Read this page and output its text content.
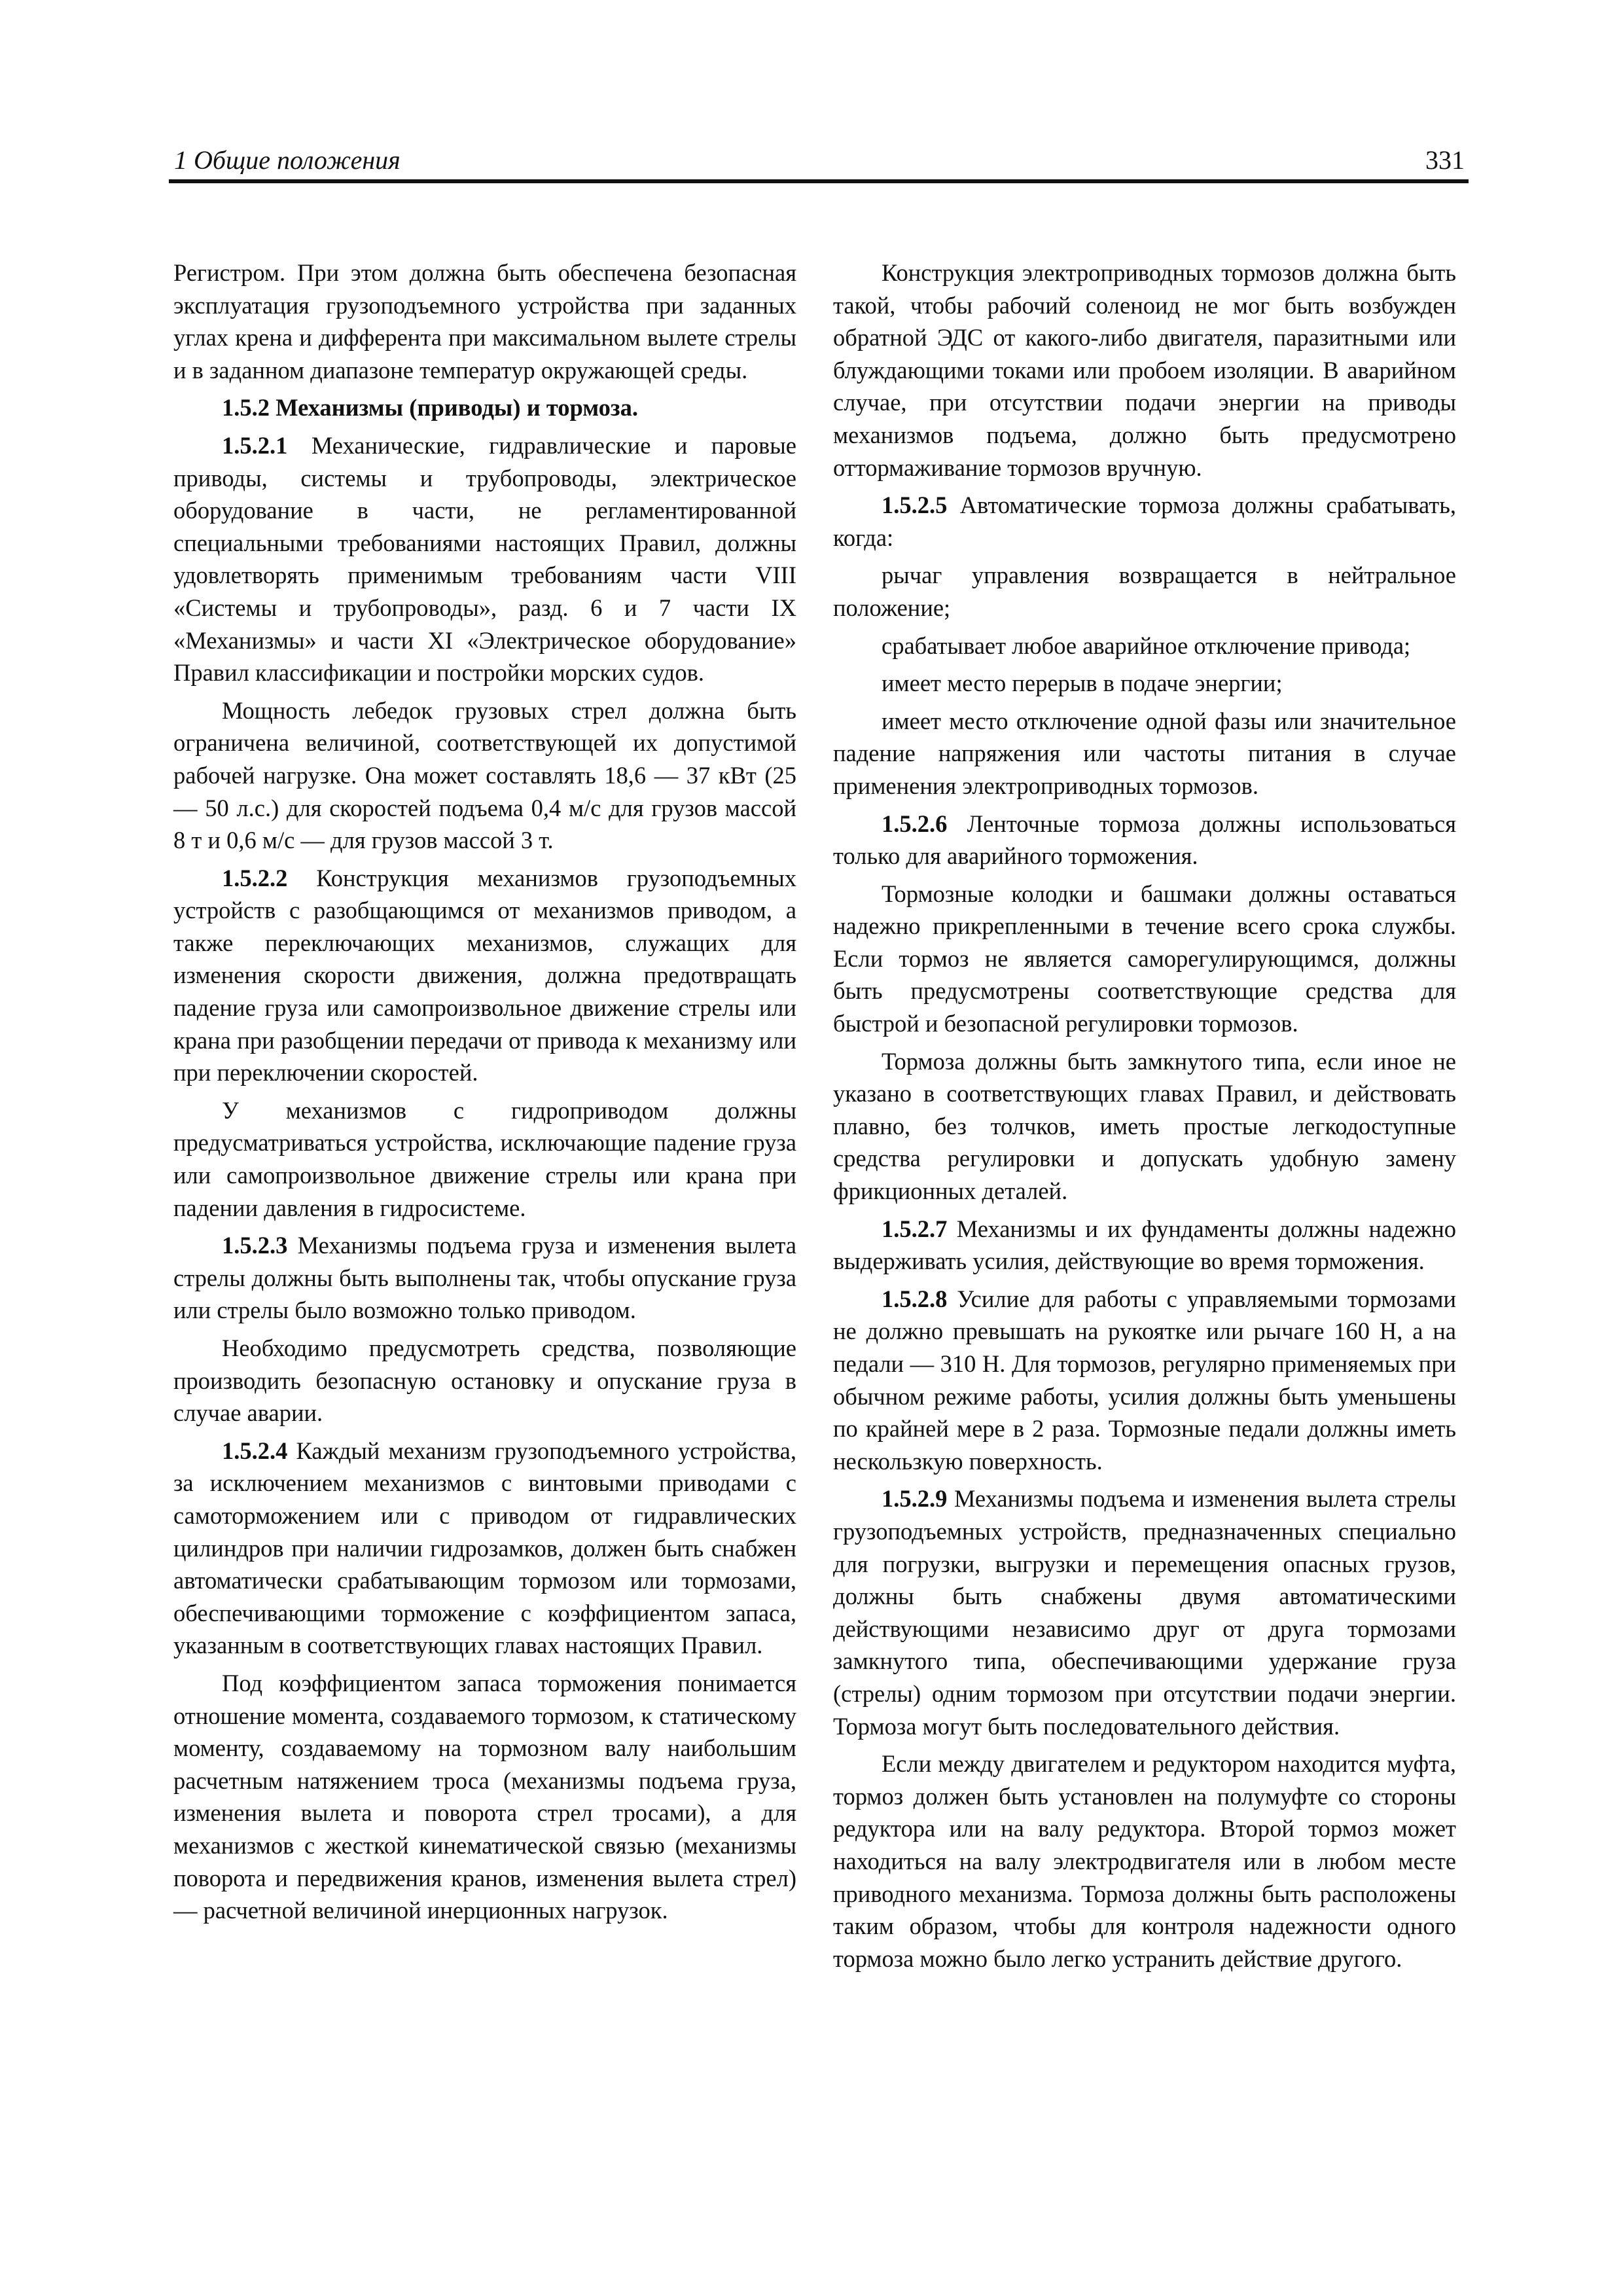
1 Общие положения	331

Регистром. При этом должна быть обеспечена безопасная эксплуатация грузоподъемного устройства при заданных углах крена и дифферента при максимальном вылете стрелы и в заданном диапазоне температур окружающей среды.

1.5.2 Механизмы (приводы) и тормоза.

1.5.2.1 Механические, гидравлические и паровые приводы, системы и трубопроводы, электрическое оборудование в части, не регламентированной специальными требованиями настоящих Правил, должны удовлетворять применимым требованиям части VIII «Системы и трубопроводы», разд. 6 и 7 части IX «Механизмы» и части XI «Электрическое оборудование» Правил классификации и постройки морских судов.

Мощность лебедок грузовых стрел должна быть ограничена величиной, соответствующей их допустимой рабочей нагрузке. Она может составлять 18,6 — 37 кВт (25 — 50 л.с.) для скоростей подъема 0,4 м/с для грузов массой 8 т и 0,6 м/с — для грузов массой 3 т.

1.5.2.2 Конструкция механизмов грузоподъемных устройств с разобщающимся от механизмов приводом, а также переключающих механизмов, служащих для изменения скорости движения, должна предотвращать падение груза или самопроизвольное движение стрелы или крана при разобщении передачи от привода к механизму или при переключении скоростей.

У механизмов с гидроприводом должны предусматриваться устройства, исключающие падение груза или самопроизвольное движение стрелы или крана при падении давления в гидросистеме.

1.5.2.3 Механизмы подъема груза и изменения вылета стрелы должны быть выполнены так, чтобы опускание груза или стрелы было возможно только приводом.

Необходимо предусмотреть средства, позволяющие производить безопасную остановку и опускание груза в случае аварии.

1.5.2.4 Каждый механизм грузоподъемного устройства, за исключением механизмов с винтовыми приводами с самоторможением или с приводом от гидравлических цилиндров при наличии гидрозамков, должен быть снабжен автоматически срабатывающим тормозом или тормозами, обеспечивающими торможение с коэффициентом запаса, указанным в соответствующих главах настоящих Правил.

Под коэффициентом запаса торможения понимается отношение момента, создаваемого тормозом, к статическому моменту, создаваемому на тормозном валу наибольшим расчетным натяжением троса (механизмы подъема груза, изменения вылета и поворота стрел тросами), а для механизмов с жесткой кинематической связью (механизмы поворота и передвижения кранов, изменения вылета стрел) — расчетной величиной инерционных нагрузок.

Конструкция электроприводных тормозов должна быть такой, чтобы рабочий соленоид не мог быть возбужден обратной ЭДС от какого-либо двигателя, паразитными или блуждающими токами или пробоем изоляции. В аварийном случае, при отсутствии подачи энергии на приводы механизмов подъема, должно быть предусмотрено оттормаживание тормозов вручную.

1.5.2.5 Автоматические тормоза должны срабатывать, когда:

рычаг управления возвращается в нейтральное положение;

срабатывает любое аварийное отключение привода;

имеет место перерыв в подаче энергии;

имеет место отключение одной фазы или значительное падение напряжения или частоты питания в случае применения электроприводных тормозов.

1.5.2.6 Ленточные тормоза должны использоваться только для аварийного торможения.

Тормозные колодки и башмаки должны оставаться надежно прикрепленными в течение всего срока службы. Если тормоз не является саморегулирующимся, должны быть предусмотрены соответствующие средства для быстрой и безопасной регулировки тормозов.

Тормоза должны быть замкнутого типа, если иное не указано в соответствующих главах Правил, и действовать плавно, без толчков, иметь простые легкодоступные средства регулировки и допускать удобную замену фрикционных деталей.

1.5.2.7 Механизмы и их фундаменты должны надежно выдерживать усилия, действующие во время торможения.

1.5.2.8 Усилие для работы с управляемыми тормозами не должно превышать на рукоятке или рычаге 160 Н, а на педали — 310 Н. Для тормозов, регулярно применяемых при обычном режиме работы, усилия должны быть уменьшены по крайней мере в 2 раза. Тормозные педали должны иметь нескользкую поверхность.

1.5.2.9 Механизмы подъема и изменения вылета стрелы грузоподъемных устройств, предназначенных специально для погрузки, выгрузки и перемещения опасных грузов, должны быть снабжены двумя автоматическими действующими независимо друг от друга тормозами замкнутого типа, обеспечивающими удержание груза (стрелы) одним тормозом при отсутствии подачи энергии. Тормоза могут быть последовательного действия.

Если между двигателем и редуктором находится муфта, тормоз должен быть установлен на полумуфте со стороны редуктора или на валу редуктора. Второй тормоз может находиться на валу электродвигателя или в любом месте приводного механизма. Тормоза должны быть расположены таким образом, чтобы для контроля надежности одного тормоза можно было легко устранить действие другого.
